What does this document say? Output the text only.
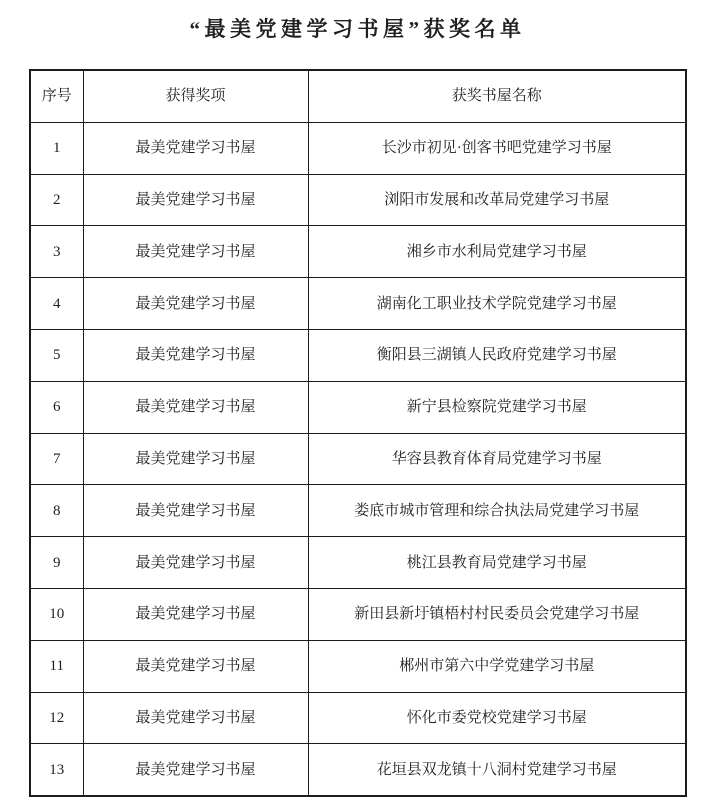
“最美党建学习书屋”获奖名单
序号	获得奖项	获奖书屋名称
1	最美党建学习书屋	长沙市初见·创客书吧党建学习书屋
2	最美党建学习书屋	浏阳市发展和改革局党建学习书屋
3	最美党建学习书屋	湘乡市水利局党建学习书屋
4	最美党建学习书屋	湖南化工职业技术学院党建学习书屋
5	最美党建学习书屋	衡阳县三湖镇人民政府党建学习书屋
6	最美党建学习书屋	新宁县检察院党建学习书屋
7	最美党建学习书屋	华容县教育体育局党建学习书屋
8	最美党建学习书屋	娄底市城市管理和综合执法局党建学习书屋
9	最美党建学习书屋	桃江县教育局党建学习书屋
10	最美党建学习书屋	新田县新圩镇梧村村民委员会党建学习书屋
11	最美党建学习书屋	郴州市第六中学党建学习书屋
12	最美党建学习书屋	怀化市委党校党建学习书屋
13	最美党建学习书屋	花垣县双龙镇十八洞村党建学习书屋
